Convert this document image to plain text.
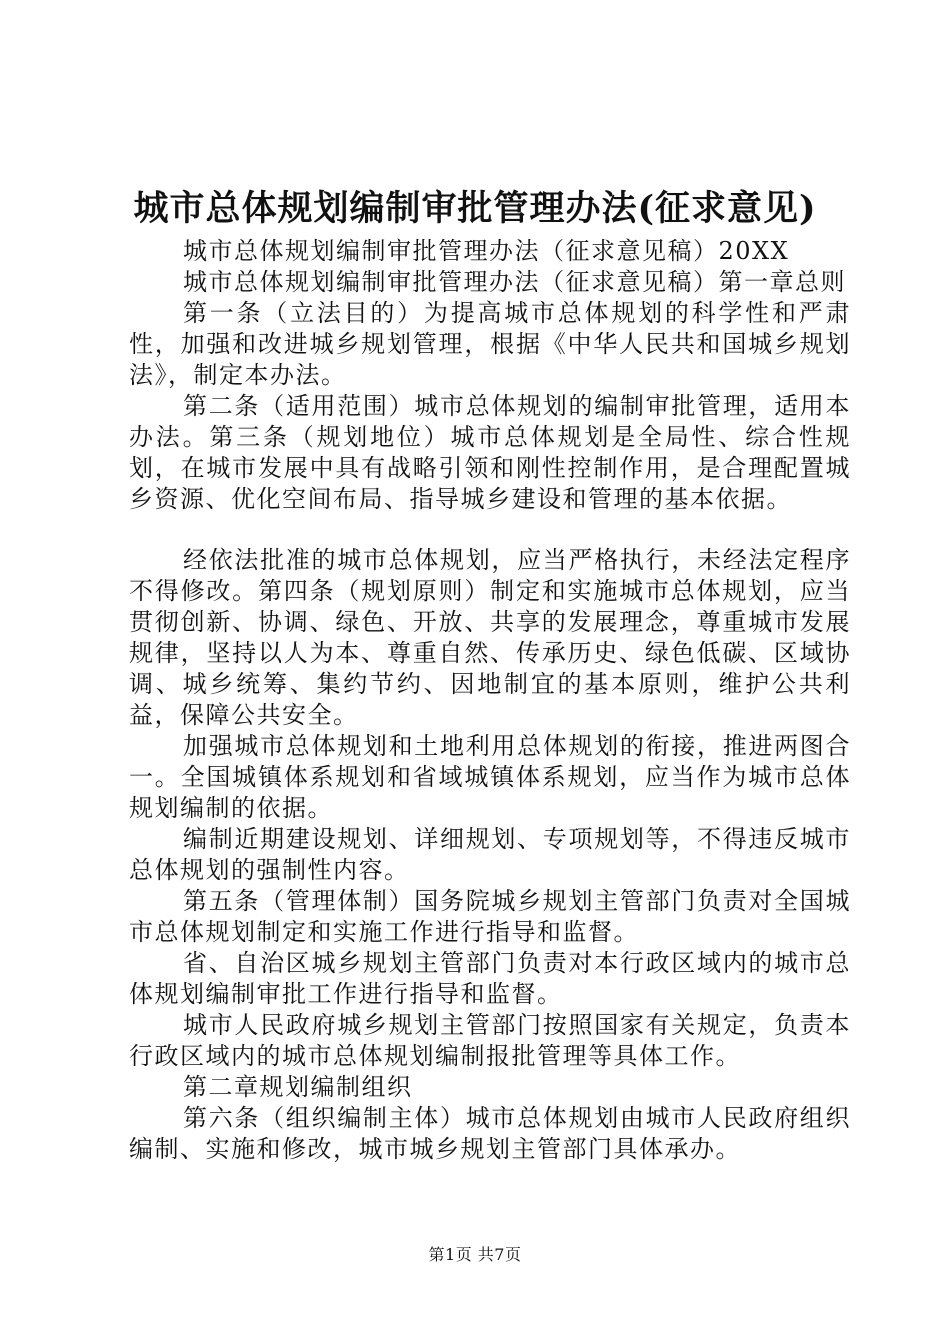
城市总体规划编制审批管理办法(征求意见)

城市总体规划编制审批管理办法（征求意见稿）20XX

城市总体规划编制审批管理办法（征求意见稿）第一章总则

第一条（立法目的）为提高城市总体规划的科学性和严肃性，加强和改进城乡规划管理，根据《中华人民共和国城乡规划法》，制定本办法。

第二条（适用范围）城市总体规划的编制审批管理，适用本办法。第三条（规划地位）城市总体规划是全局性、综合性规划，在城市发展中具有战略引领和刚性控制作用，是合理配置城乡资源、优化空间布局、指导城乡建设和管理的基本依据。

经依法批准的城市总体规划，应当严格执行，未经法定程序不得修改。第四条（规划原则）制定和实施城市总体规划，应当贯彻创新、协调、绿色、开放、共享的发展理念，尊重城市发展规律，坚持以人为本、尊重自然、传承历史、绿色低碳、区域协调、城乡统筹、集约节约、因地制宜的基本原则，维护公共利益，保障公共安全。

加强城市总体规划和土地利用总体规划的衔接，推进两图合一。全国城镇体系规划和省域城镇体系规划，应当作为城市总体规划编制的依据。

编制近期建设规划、详细规划、专项规划等，不得违反城市总体规划的强制性内容。

第五条（管理体制）国务院城乡规划主管部门负责对全国城市总体规划制定和实施工作进行指导和监督。

省、自治区城乡规划主管部门负责对本行政区域内的城市总体规划编制审批工作进行指导和监督。

城市人民政府城乡规划主管部门按照国家有关规定，负责本行政区域内的城市总体规划编制报批管理等具体工作。

第二章规划编制组织

第六条（组织编制主体）城市总体规划由城市人民政府组织编制、实施和修改，城市城乡规划主管部门具体承办。

第1页 共7页
